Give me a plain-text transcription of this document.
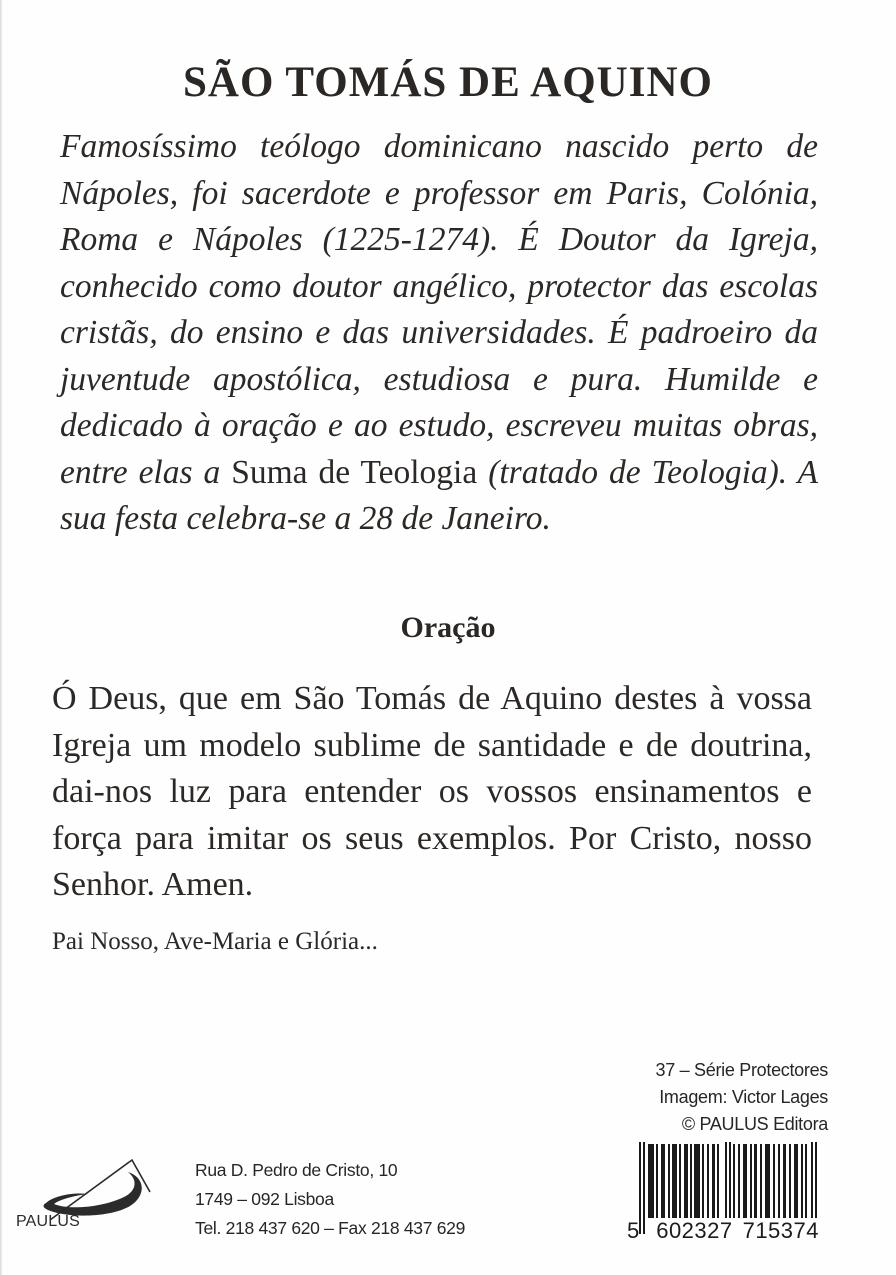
SÃO TOMÁS DE AQUINO

Famosíssimo teólogo dominicano nascido perto de Nápoles, foi sacerdote e professor em Paris, Colónia, Roma e Nápoles (1225-1274). É Doutor da Igreja, conhecido como doutor angélico, protector das escolas cristãs, do ensino e das universidades. É padroeiro da juventude apostólica, estudiosa e pura. Humilde e dedicado à oração e ao estudo, escreveu muitas obras, entre elas a Suma de Teologia (tratado de Teologia). A sua festa celebra-se a 28 de Janeiro.

Oração

Ó Deus, que em São Tomás de Aquino destes à vossa Igreja um modelo sublime de santidade e de doutrina, dai-nos luz para entender os vossos ensinamentos e força para imitar os seus exemplos. Por Cristo, nosso Senhor. Amen.

Pai Nosso, Ave-Maria e Glória...

37 – Série Protectores
Imagem: Victor Lages
© PAULUS Editora
5 602327 715374
PAULUS
Rua D. Pedro de Cristo, 10
1749 – 092 Lisboa
Tel. 218 437 620 – Fax 218 437 629
